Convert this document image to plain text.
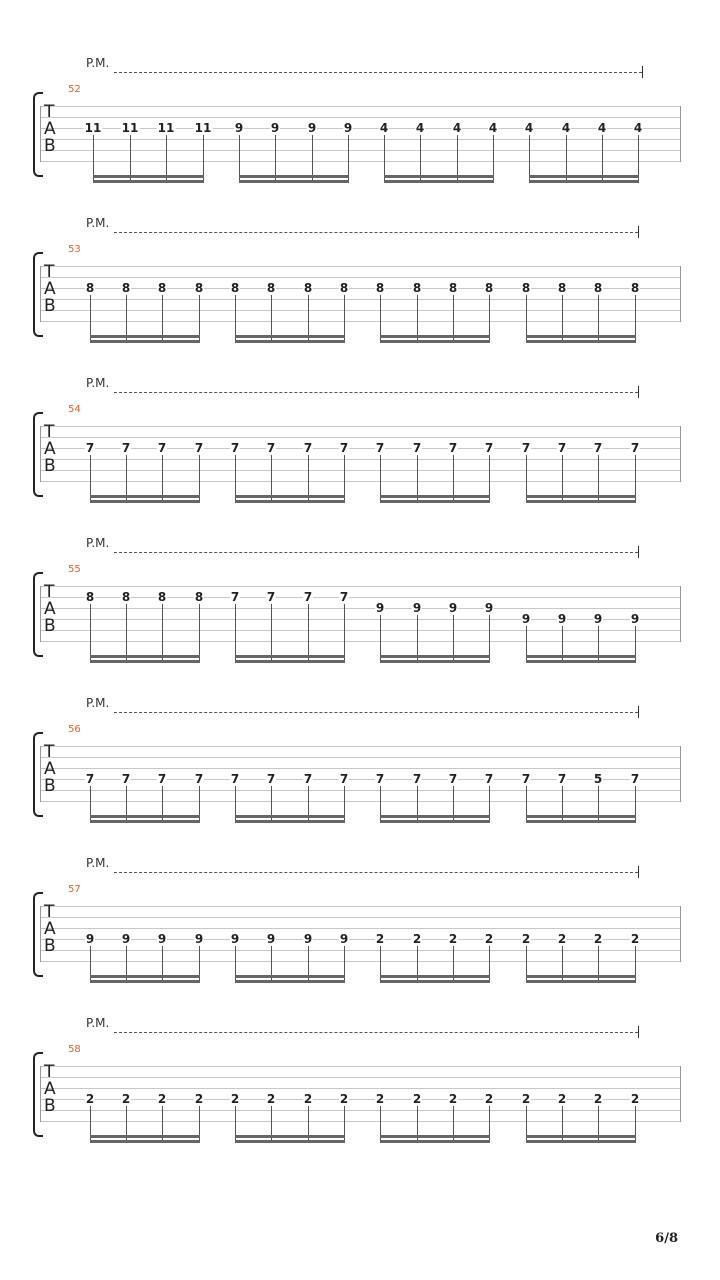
P.M.
52
T
A
B
11 11 11 11 9 9 9 9 4 4 4 4 4 4 4 4
P.M.
53
T
A
B
8 8 8 8 8 8 8 8 8 8 8 8 8 8 8 8
P.M.
54
T
A
B
7 7 7 7 7 7 7 7 7 7 7 7 7 7 7 7
P.M.
55
T
A
B
8 8 8 8 7 7 7 7
9 9 9 9
9 9 9 9
P.M.
56
T
A
B	7 7 7 7 7 7 7 7 7 7 7 7 7 7 5 7
P.M.
57
T
A
B	9 9 9 9 9 9 9 9 2 2 2 2 2 2 2 2
P.M.
58
T
A
B	2 2 2 2 2 2 2 2 2 2 2 2 2 2 2 2
6/8
